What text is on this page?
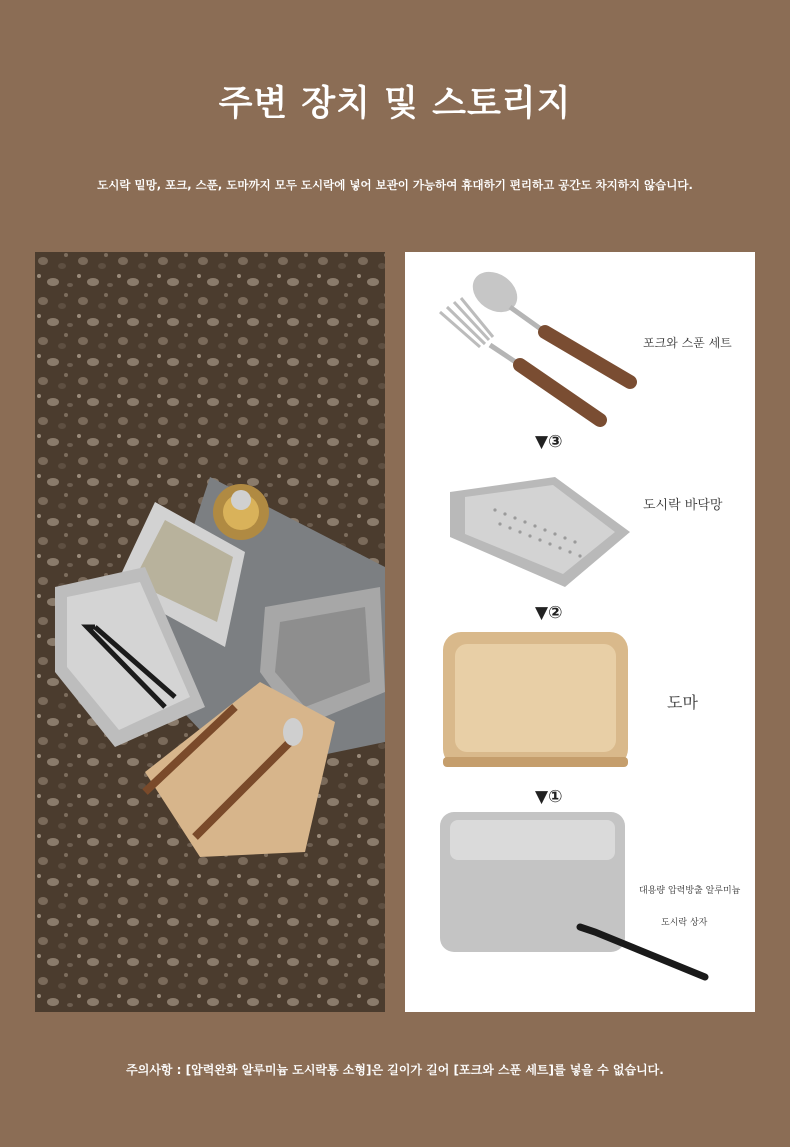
주변 장치 및 스토리지
도시락 밑망, 포크, 스푼, 도마까지 모두 도시락에 넣어 보관이 가능하여 휴대하기 편리하고 공간도 차지하지 않습니다.
포크와 스푼 세트
▼③
도시락 바닥망
▼②
도마
▼①
대용량 압력방출 알루미늄
도시락 상자
주의사항 : [압력완화 알루미늄 도시락통 소형]은 길이가 길어 [포크와 스푼 세트]를 넣을 수 없습니다.
